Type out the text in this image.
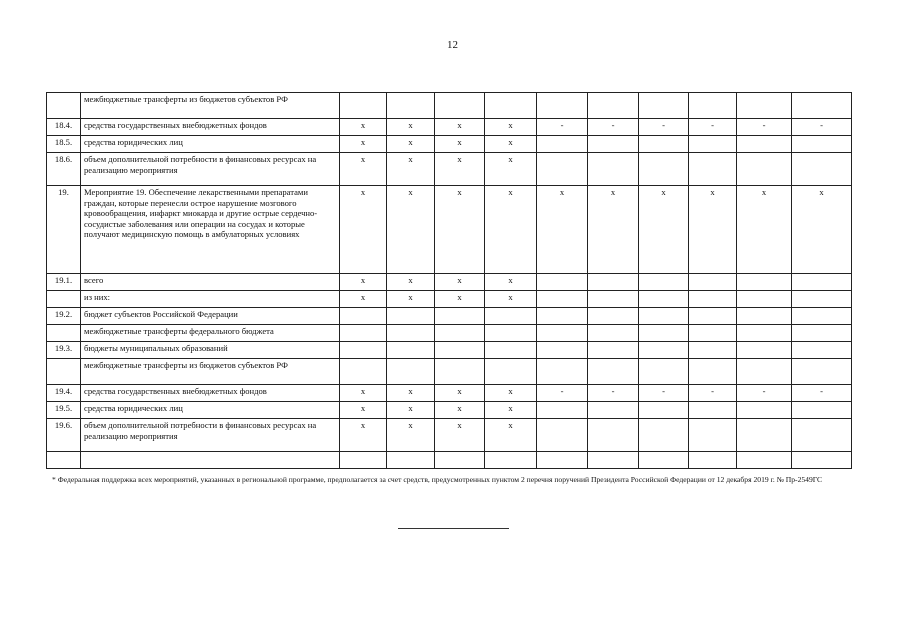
12
	межбюджетные трансферты из бюджетов субъектов РФ										
18.4.	средства государственных внебюджетных фондов	x	x	x	x	-	-	-	-	-	-
18.5.	средства юридических лиц	x	x	x	x						
18.6.	объем дополнительной потребности в финансовых ресурсах на реализацию мероприятия	x	x	x	x						
19.	Мероприятие 19. Обеспечение лекарственными препаратами граждан, которые перенесли острое нарушение мозгового кровообращения, инфаркт миокарда и другие острые сердечно-сосудистые заболевания или операции на сосудах и которые получают медицинскую помощь в амбулаторных условиях	x	x	x	x	x	x	x	x	x	x
19.1.	всего	x	x	x	x						
	из них:	x	x	x	x						
19.2.	бюджет субъектов Российской Федерации										
	межбюджетные трансферты федерального бюджета										
19.3.	бюджеты муниципальных образований										
	межбюджетные трансферты из бюджетов субъектов РФ										
19.4.	средства государственных внебюджетных фондов	x	x	x	x	-	-	-	-	-	-
19.5.	средства юридических лиц	x	x	x	x						
19.6.	объем дополнительной потребности в финансовых ресурсах на реализацию мероприятия	x	x	x	x						

* Федеральная поддержка всех мероприятий, указанных в региональной программе, предполагается за счет средств, предусмотренных пунктом 2 перечня поручений Президента Российской Федерации от 12 декабря 2019 г. № Пр-2549ГС
